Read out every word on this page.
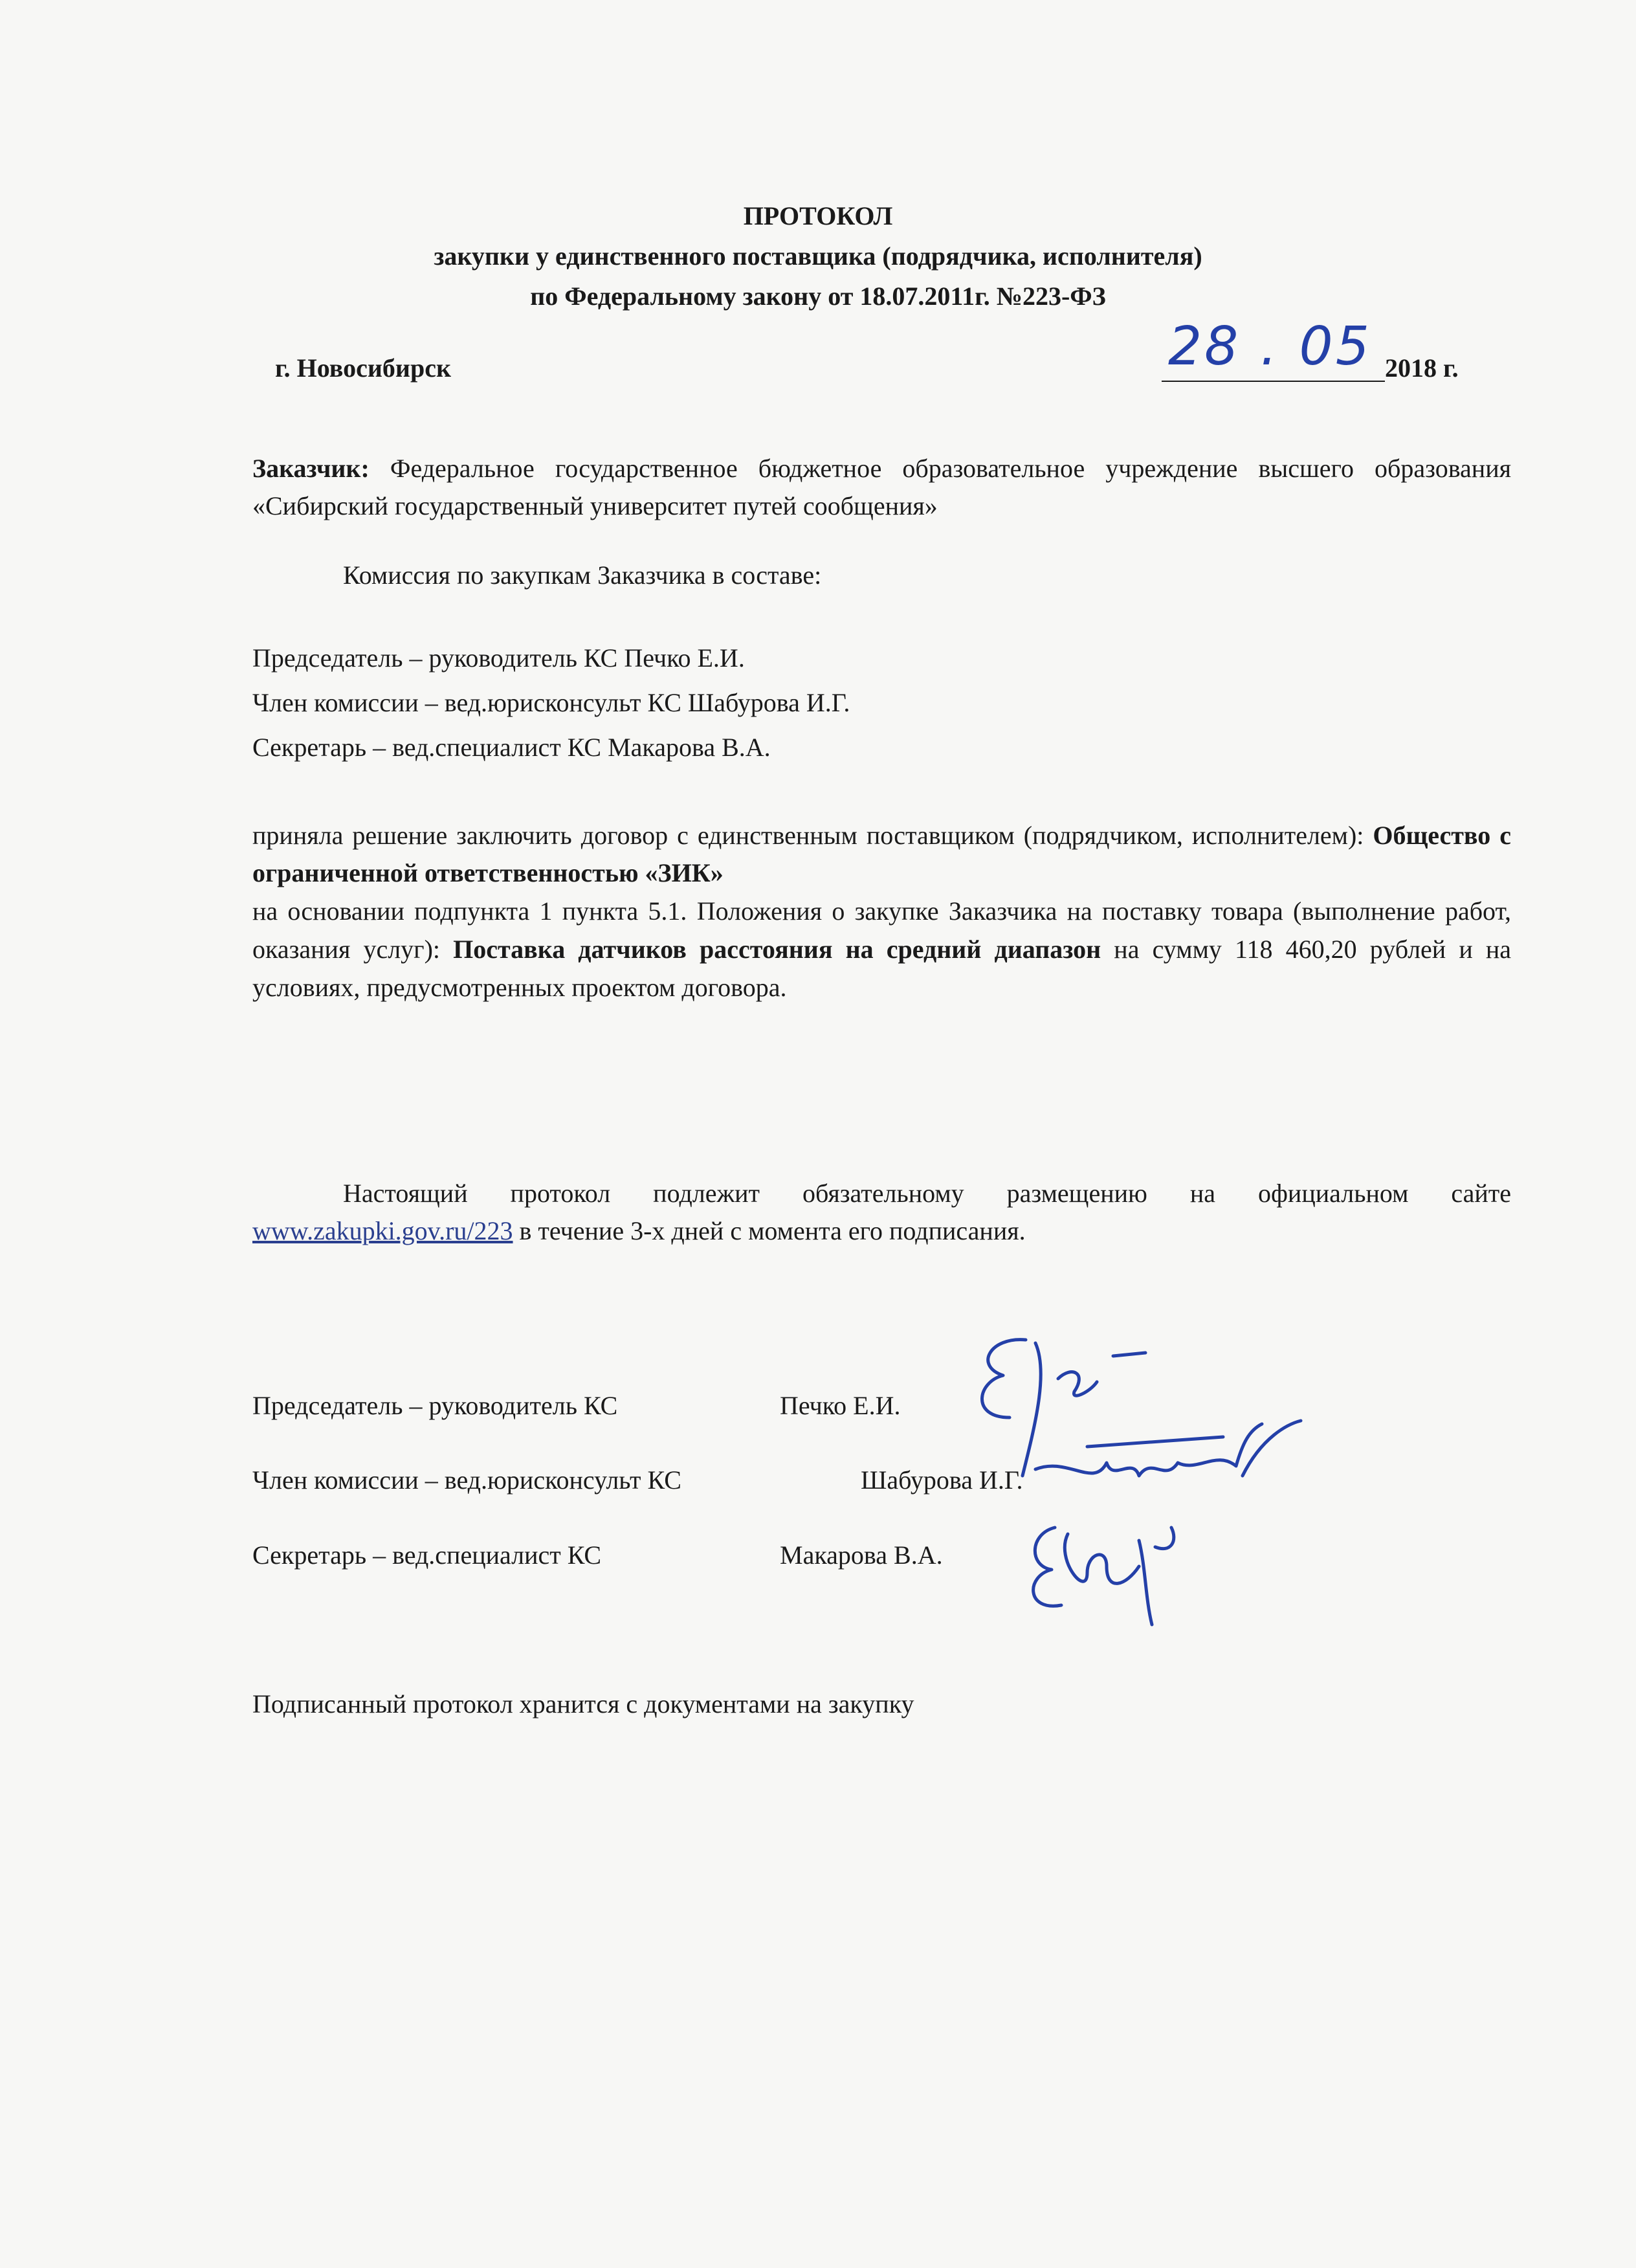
ПРОТОКОЛ
закупки у единственного поставщика (подрядчика, исполнителя)
по Федеральному закону от 18.07.2011г. №223-ФЗ
г. Новосибирск	28 . 05 2018 г.
Заказчик: Федеральное государственное бюджетное образовательное учреждение высшего образования «Сибирский государственный университет путей сообщения»
Комиссия по закупкам Заказчика в составе:
Председатель – руководитель КС Печко Е.И.
Член комиссии – вед.юрисконсульт КС Шабурова И.Г.
Секретарь – вед.специалист КС Макарова В.А.
приняла решение заключить договор с единственным поставщиком (подрядчиком, исполнителем): Общество с ограниченной ответственностью «ЗИК»
на основании подпункта 1 пункта 5.1. Положения о закупке Заказчика на поставку товара (выполнение работ, оказания услуг): Поставка датчиков расстояния на средний диапазон на сумму 118 460,20 рублей и на условиях, предусмотренных проектом договора.
Настоящий протокол подлежит обязательному размещению на официальном сайте www.zakupki.gov.ru/223 в течение 3-х дней с момента его подписания.
Председатель – руководитель КС	Печко Е.И.
Член комиссии – вед.юрисконсульт КС	Шабурова И.Г.
Секретарь – вед.специалист КС	Макарова В.А.
Подписанный протокол хранится с документами на закупку
